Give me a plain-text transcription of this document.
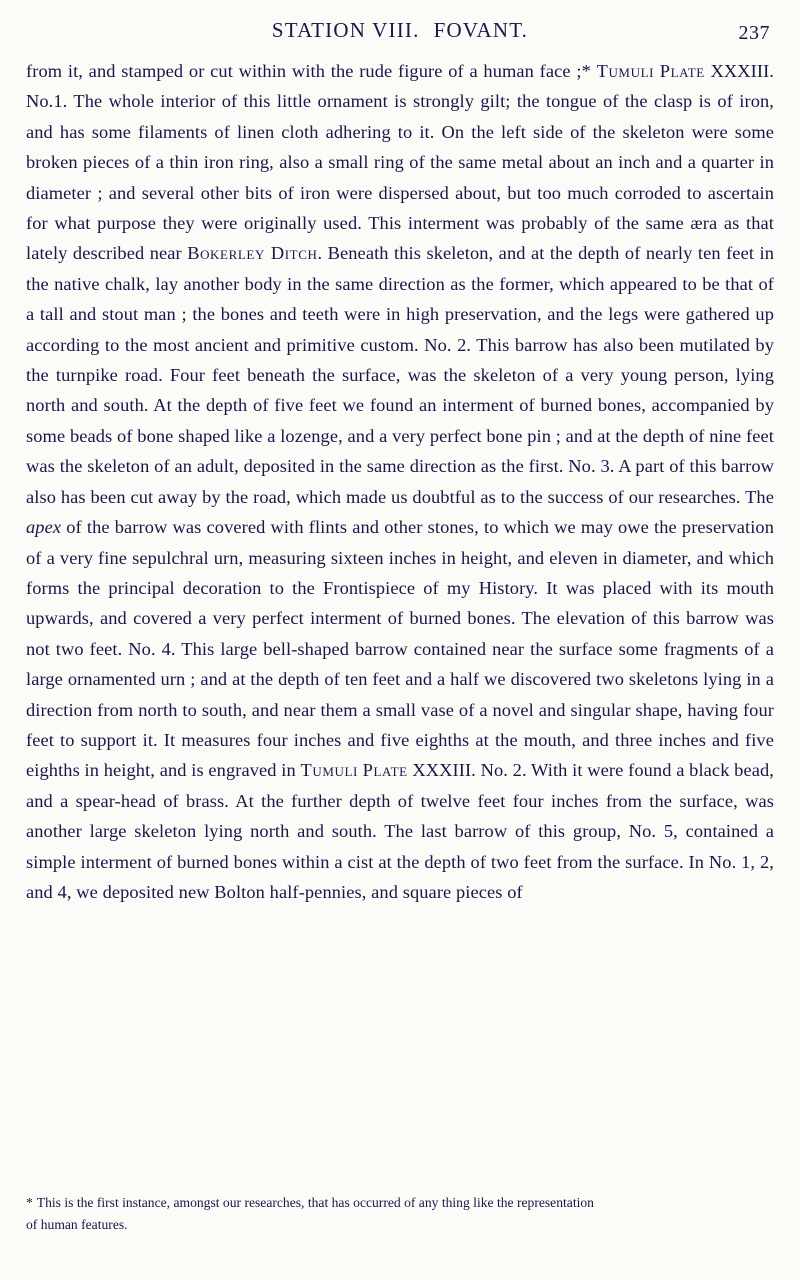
STATION VIII. FOVANT.	237

from it, and stamped or cut within with the rude figure of a human face ;* Tumuli Plate XXXIII. No.1. The whole interior of this little ornament is strongly gilt; the tongue of the clasp is of iron, and has some filaments of linen cloth adhering to it. On the left side of the skeleton were some broken pieces of a thin iron ring, also a small ring of the same metal about an inch and a quarter in diameter ; and several other bits of iron were dispersed about, but too much corroded to ascertain for what purpose they were originally used. This interment was probably of the same æra as that lately described near Bokerley Ditch. Beneath this skeleton, and at the depth of nearly ten feet in the native chalk, lay another body in the same direction as the former, which appeared to be that of a tall and stout man ; the bones and teeth were in high preservation, and the legs were gathered up according to the most ancient and primitive custom. No. 2. This barrow has also been mutilated by the turnpike road. Four feet beneath the surface, was the skeleton of a very young person, lying north and south. At the depth of five feet we found an interment of burned bones, accompanied by some beads of bone shaped like a lozenge, and a very perfect bone pin ; and at the depth of nine feet was the skeleton of an adult, deposited in the same direction as the first. No. 3. A part of this barrow also has been cut away by the road, which made us doubtful as to the success of our researches. The apex of the barrow was covered with flints and other stones, to which we may owe the preservation of a very fine sepulchral urn, measuring sixteen inches in height, and eleven in diameter, and which forms the principal decoration to the Frontispiece of my History. It was placed with its mouth upwards, and covered a very perfect interment of burned bones. The elevation of this barrow was not two feet. No. 4. This large bell-shaped barrow contained near the surface some fragments of a large ornamented urn ; and at the depth of ten feet and a half we discovered two skeletons lying in a direction from north to south, and near them a small vase of a novel and singular shape, having four feet to support it. It measures four inches and five eighths at the mouth, and three inches and five eighths in height, and is engraved in Tumuli Plate XXXIII. No. 2. With it were found a black bead, and a spear-head of brass. At the further depth of twelve feet four inches from the surface, was another large skeleton lying north and south. The last barrow of this group, No. 5, contained a simple interment of burned bones within a cist at the depth of two feet from the surface. In No. 1, 2, and 4, we deposited new Bolton half-pennies, and square pieces of

* This is the first instance, amongst our researches, that has occurred of any thing like the representation
of human features.
